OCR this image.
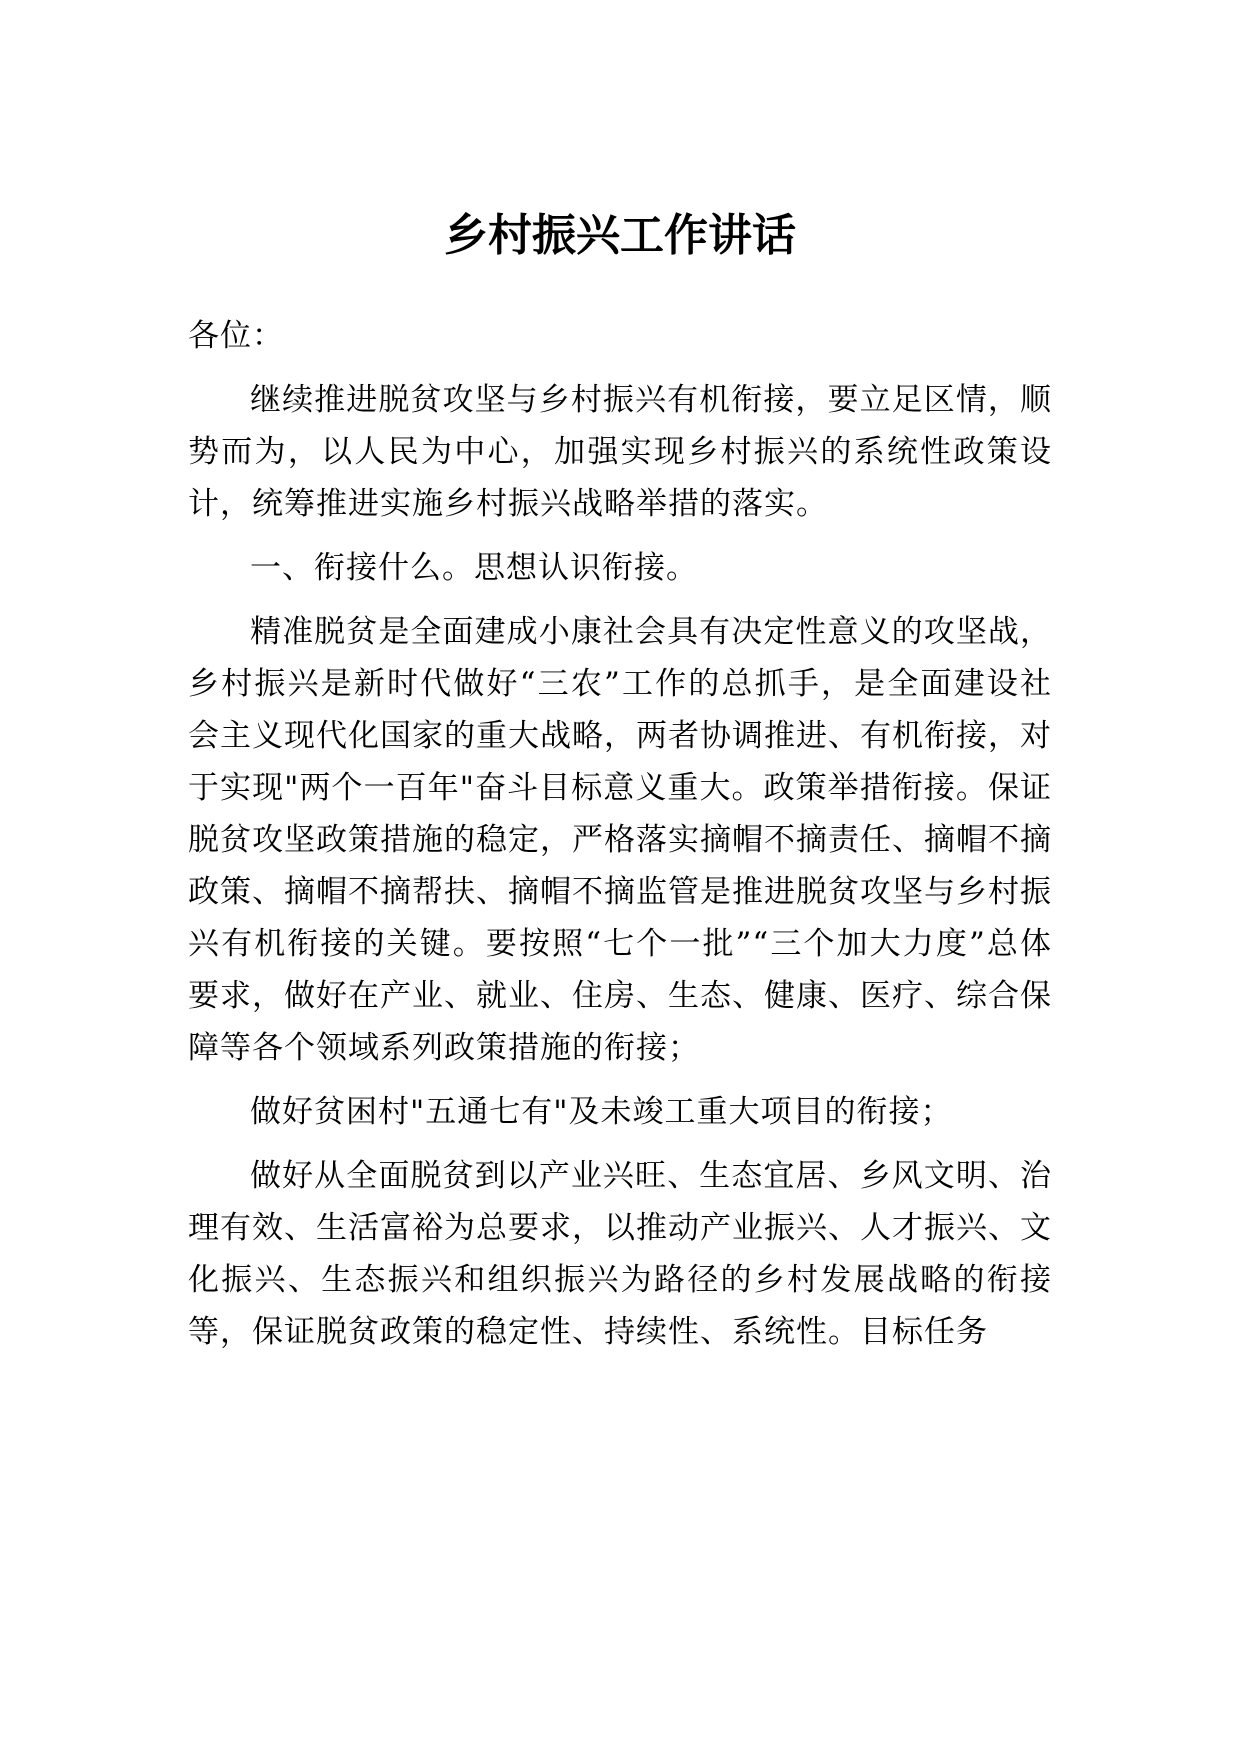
乡村振兴工作讲话

各位：

继续推进脱贫攻坚与乡村振兴有机衔接，要立足区情，顺势而为，以人民为中心，加强实现乡村振兴的系统性政策设计，统筹推进实施乡村振兴战略举措的落实。

一、衔接什么。思想认识衔接。

精准脱贫是全面建成小康社会具有决定性意义的攻坚战，乡村振兴是新时代做好“三农”工作的总抓手，是全面建设社会主义现代化国家的重大战略，两者协调推进、有机衔接，对于实现"两个一百年"奋斗目标意义重大。政策举措衔接。保证脱贫攻坚政策措施的稳定，严格落实摘帽不摘责任、摘帽不摘政策、摘帽不摘帮扶、摘帽不摘监管是推进脱贫攻坚与乡村振兴有机衔接的关键。要按照“七个一批”“三个加大力度”总体要求，做好在产业、就业、住房、生态、健康、医疗、综合保障等各个领域系列政策措施的衔接；

做好贫困村"五通七有"及未竣工重大项目的衔接；

做好从全面脱贫到以产业兴旺、生态宜居、乡风文明、治理有效、生活富裕为总要求，以推动产业振兴、人才振兴、文化振兴、生态振兴和组织振兴为路径的乡村发展战略的衔接等，保证脱贫政策的稳定性、持续性、系统性。目标任务
